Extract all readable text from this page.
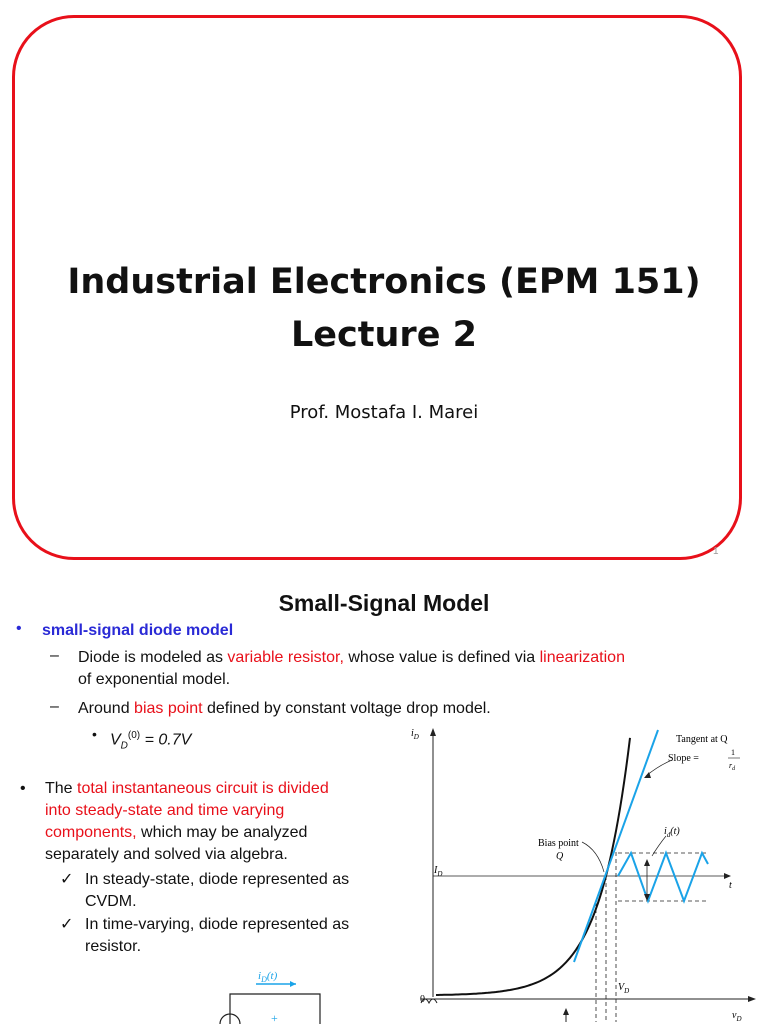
Industrial Electronics (EPM 151)
Lecture 2
Prof. Mostafa I. Marei
1
Small-Signal Model
• small-signal diode model
– Diode is modeled as variable resistor, whose value is defined via linearization
of exponential model.
– Around bias point defined by constant voltage drop model.
• $V_D^{(0)} = 0.7V$
• The total instantaneous circuit is divided
into steady-state and time varying
components, which may be analyzed
separately and solved via algebra.
✓ In steady-state, diode represented as
CVDM.
✓ In time-varying, diode represented as
resistor.
$i_D(t)$
+
$i_D$
$v_D$
0
$I_D$
$V_D$
t
Tangent at Q
Slope =
1
$r_d$
Bias point
Q
$i_d(t)$
